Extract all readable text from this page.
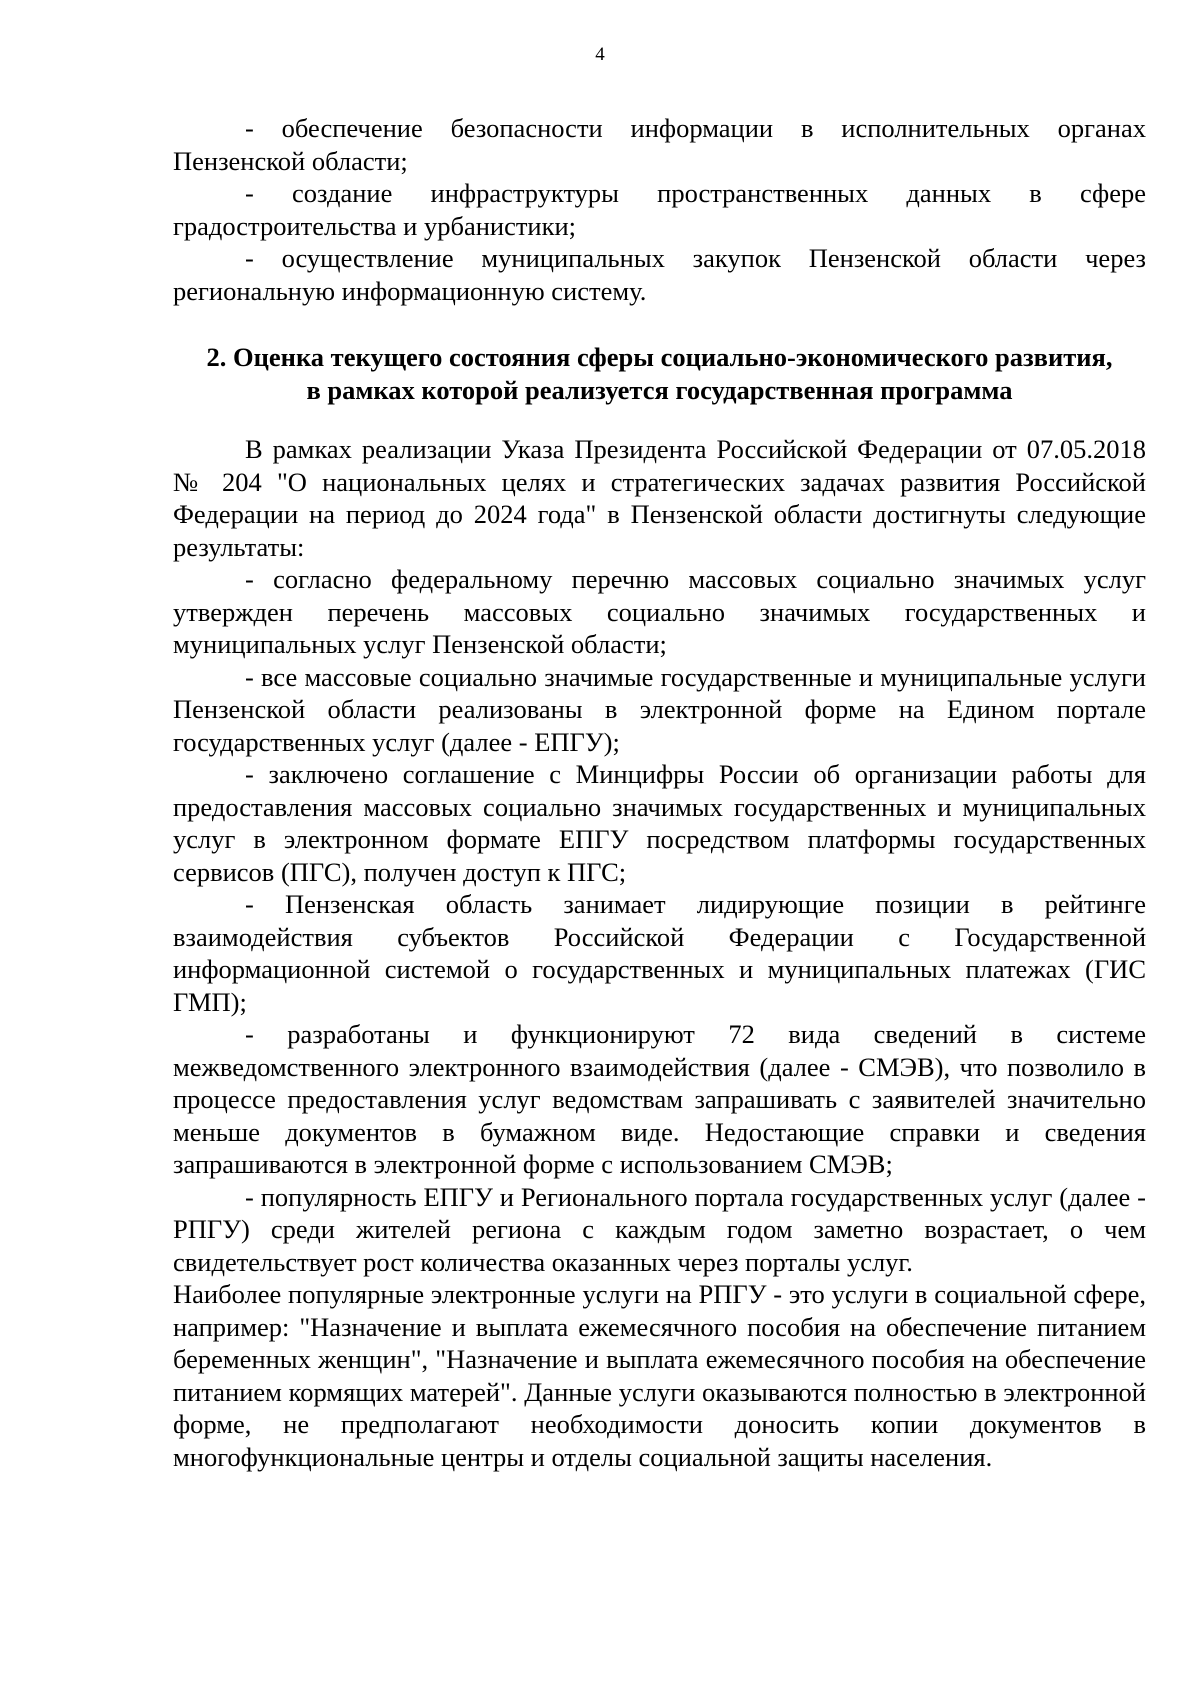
4

- обеспечение безопасности информации в исполнительных органах Пензенской области;

- создание инфраструктуры пространственных данных в сфере градостроительства и урбанистики;

- осуществление муниципальных закупок Пензенской области через региональную информационную систему.

2. Оценка текущего состояния сферы социально-экономического развития,
в рамках которой реализуется государственная программа

В рамках реализации Указа Президента Российской Федерации от 07.05.2018 № 204 "О национальных целях и стратегических задачах развития Российской Федерации на период до 2024 года" в Пензенской области достигнуты следующие результаты:

- согласно федеральному перечню массовых социально значимых услуг утвержден перечень массовых социально значимых государственных и муниципальных услуг Пензенской области;

- все массовые социально значимые государственные и муниципальные услуги Пензенской области реализованы в электронной форме на Едином портале государственных услуг (далее - ЕПГУ);

- заключено соглашение с Минцифры России об организации работы для предоставления массовых социально значимых государственных и муниципальных услуг в электронном формате ЕПГУ посредством платформы государственных сервисов (ПГС), получен доступ к ПГС;

- Пензенская область занимает лидирующие позиции в рейтинге взаимодействия субъектов Российской Федерации с Государственной информационной системой о государственных и муниципальных платежах (ГИС ГМП);

- разработаны и функционируют 72 вида сведений в системе межведомственного электронного взаимодействия (далее - СМЭВ), что позволило в процессе предоставления услуг ведомствам запрашивать с заявителей значительно меньше документов в бумажном виде. Недостающие справки и сведения запрашиваются в электронной форме с использованием СМЭВ;

- популярность ЕПГУ и Регионального портала государственных услуг (далее - РПГУ) среди жителей региона с каждым годом заметно возрастает, о чем свидетельствует рост количества оказанных через порталы услуг.

Наиболее популярные электронные услуги на РПГУ - это услуги в социальной сфере, например: "Назначение и выплата ежемесячного пособия на обеспечение питанием беременных женщин", "Назначение и выплата ежемесячного пособия на обеспечение питанием кормящих матерей". Данные услуги оказываются полностью в электронной форме, не предполагают необходимости доносить копии документов в многофункциональные центры и отделы социальной защиты населения.
